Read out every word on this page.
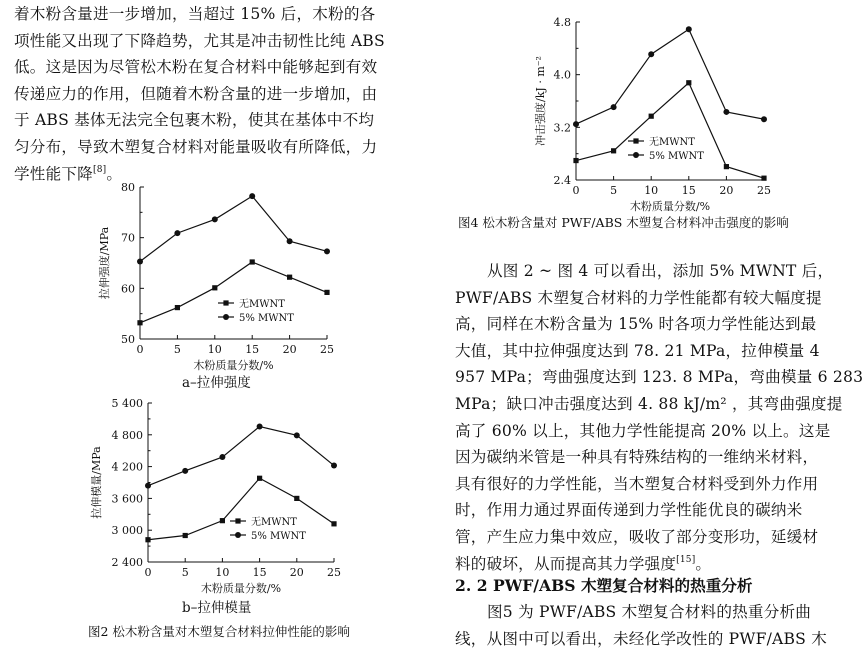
着木粉含量进一步增加，当超过 15% 后，木粉的各
项性能又出现了下降趋势，尤其是冲击韧性比纯 ABS
低。这是因为尽管松木粉在复合材料中能够起到有效
传递应力的作用，但随着木粉含量的进一步增加，由
于 ABS 基体无法完全包裹木粉，使其在基体中不均
匀分布，导致木塑复合材料对能量吸收有所降低，力
学性能下降[8]。
50
60
70
80
0	5 10 15 20 25
木粉质量分数/%
拉伸强度/MPa
无MWNT
5% MWNT
a–拉伸强度
2 400
3 000
3 600
4 200
4 800
5 400
0	5 10 15 20 25
木粉质量分数/%
拉伸模量/MPa
无MWNT
5% MWNT
b–拉伸模量
图2 松木粉含量对木塑复合材料拉伸性能的影响
2.4
3.2
4.0
4.8
0	5 10 15 20 25
木粉质量分数/%
冲击强度/kJ · m⁻²	无MWNT
5% MWNT
图4 松木粉含量对 PWF/ABS 木塑复合材料冲击强度的影响
从图 2 ~ 图 4 可以看出，添加 5% MWNT 后，
PWF/ABS 木塑复合材料的力学性能都有较大幅度提
高，同样在木粉含量为 15% 时各项力学性能达到最
大值，其中拉伸强度达到 78. 21 MPa，拉伸模量 4
957 MPa；弯曲强度达到 123. 8 MPa，弯曲模量 6 283
MPa；缺口冲击强度达到 4. 88 kJ/m² ，其弯曲强度提
高了 60% 以上，其他力学性能提高 20% 以上。这是
因为碳纳米管是一种具有特殊结构的一维纳米材料，
具有很好的力学性能，当木塑复合材料受到外力作用
时，作用力通过界面传递到力学性能优良的碳纳米
管，产生应力集中效应，吸收了部分变形功，延缓材
料的破坏，从而提高其力学强度[15]。
2. 2 PWF/ABS 木塑复合材料的热重分析
图5 为 PWF/ABS 木塑复合材料的热重分析曲
线，从图中可以看出，未经化学改性的 PWF/ABS 木
